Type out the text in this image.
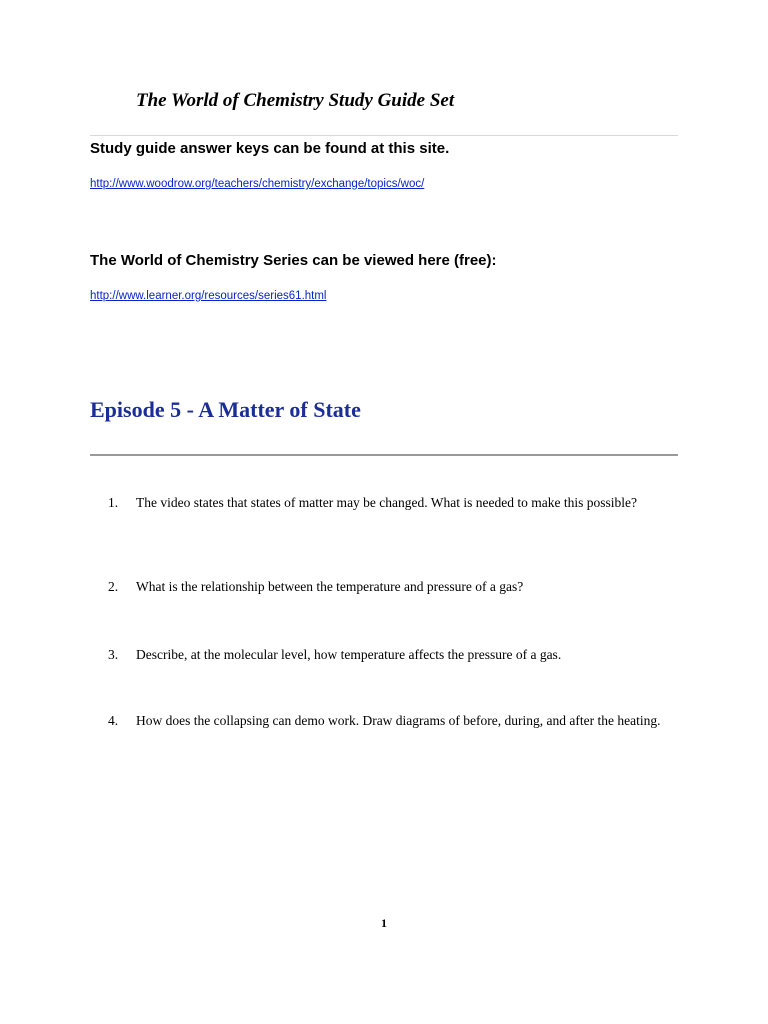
The World of Chemistry Study Guide Set
Study guide answer keys can be found at this site.
http://www.woodrow.org/teachers/chemistry/exchange/topics/woc/
The World of Chemistry Series can be viewed here (free):
http://www.learner.org/resources/series61.html
Episode 5 - A Matter of State
1.	The video states that states of matter may be changed. What is needed to make this possible?
2.	What is the relationship between the temperature and pressure of a gas?
3.	Describe, at the molecular level, how temperature affects the pressure of a gas.
4.	How does the collapsing can demo work. Draw diagrams of before, during, and after the heating.
1
